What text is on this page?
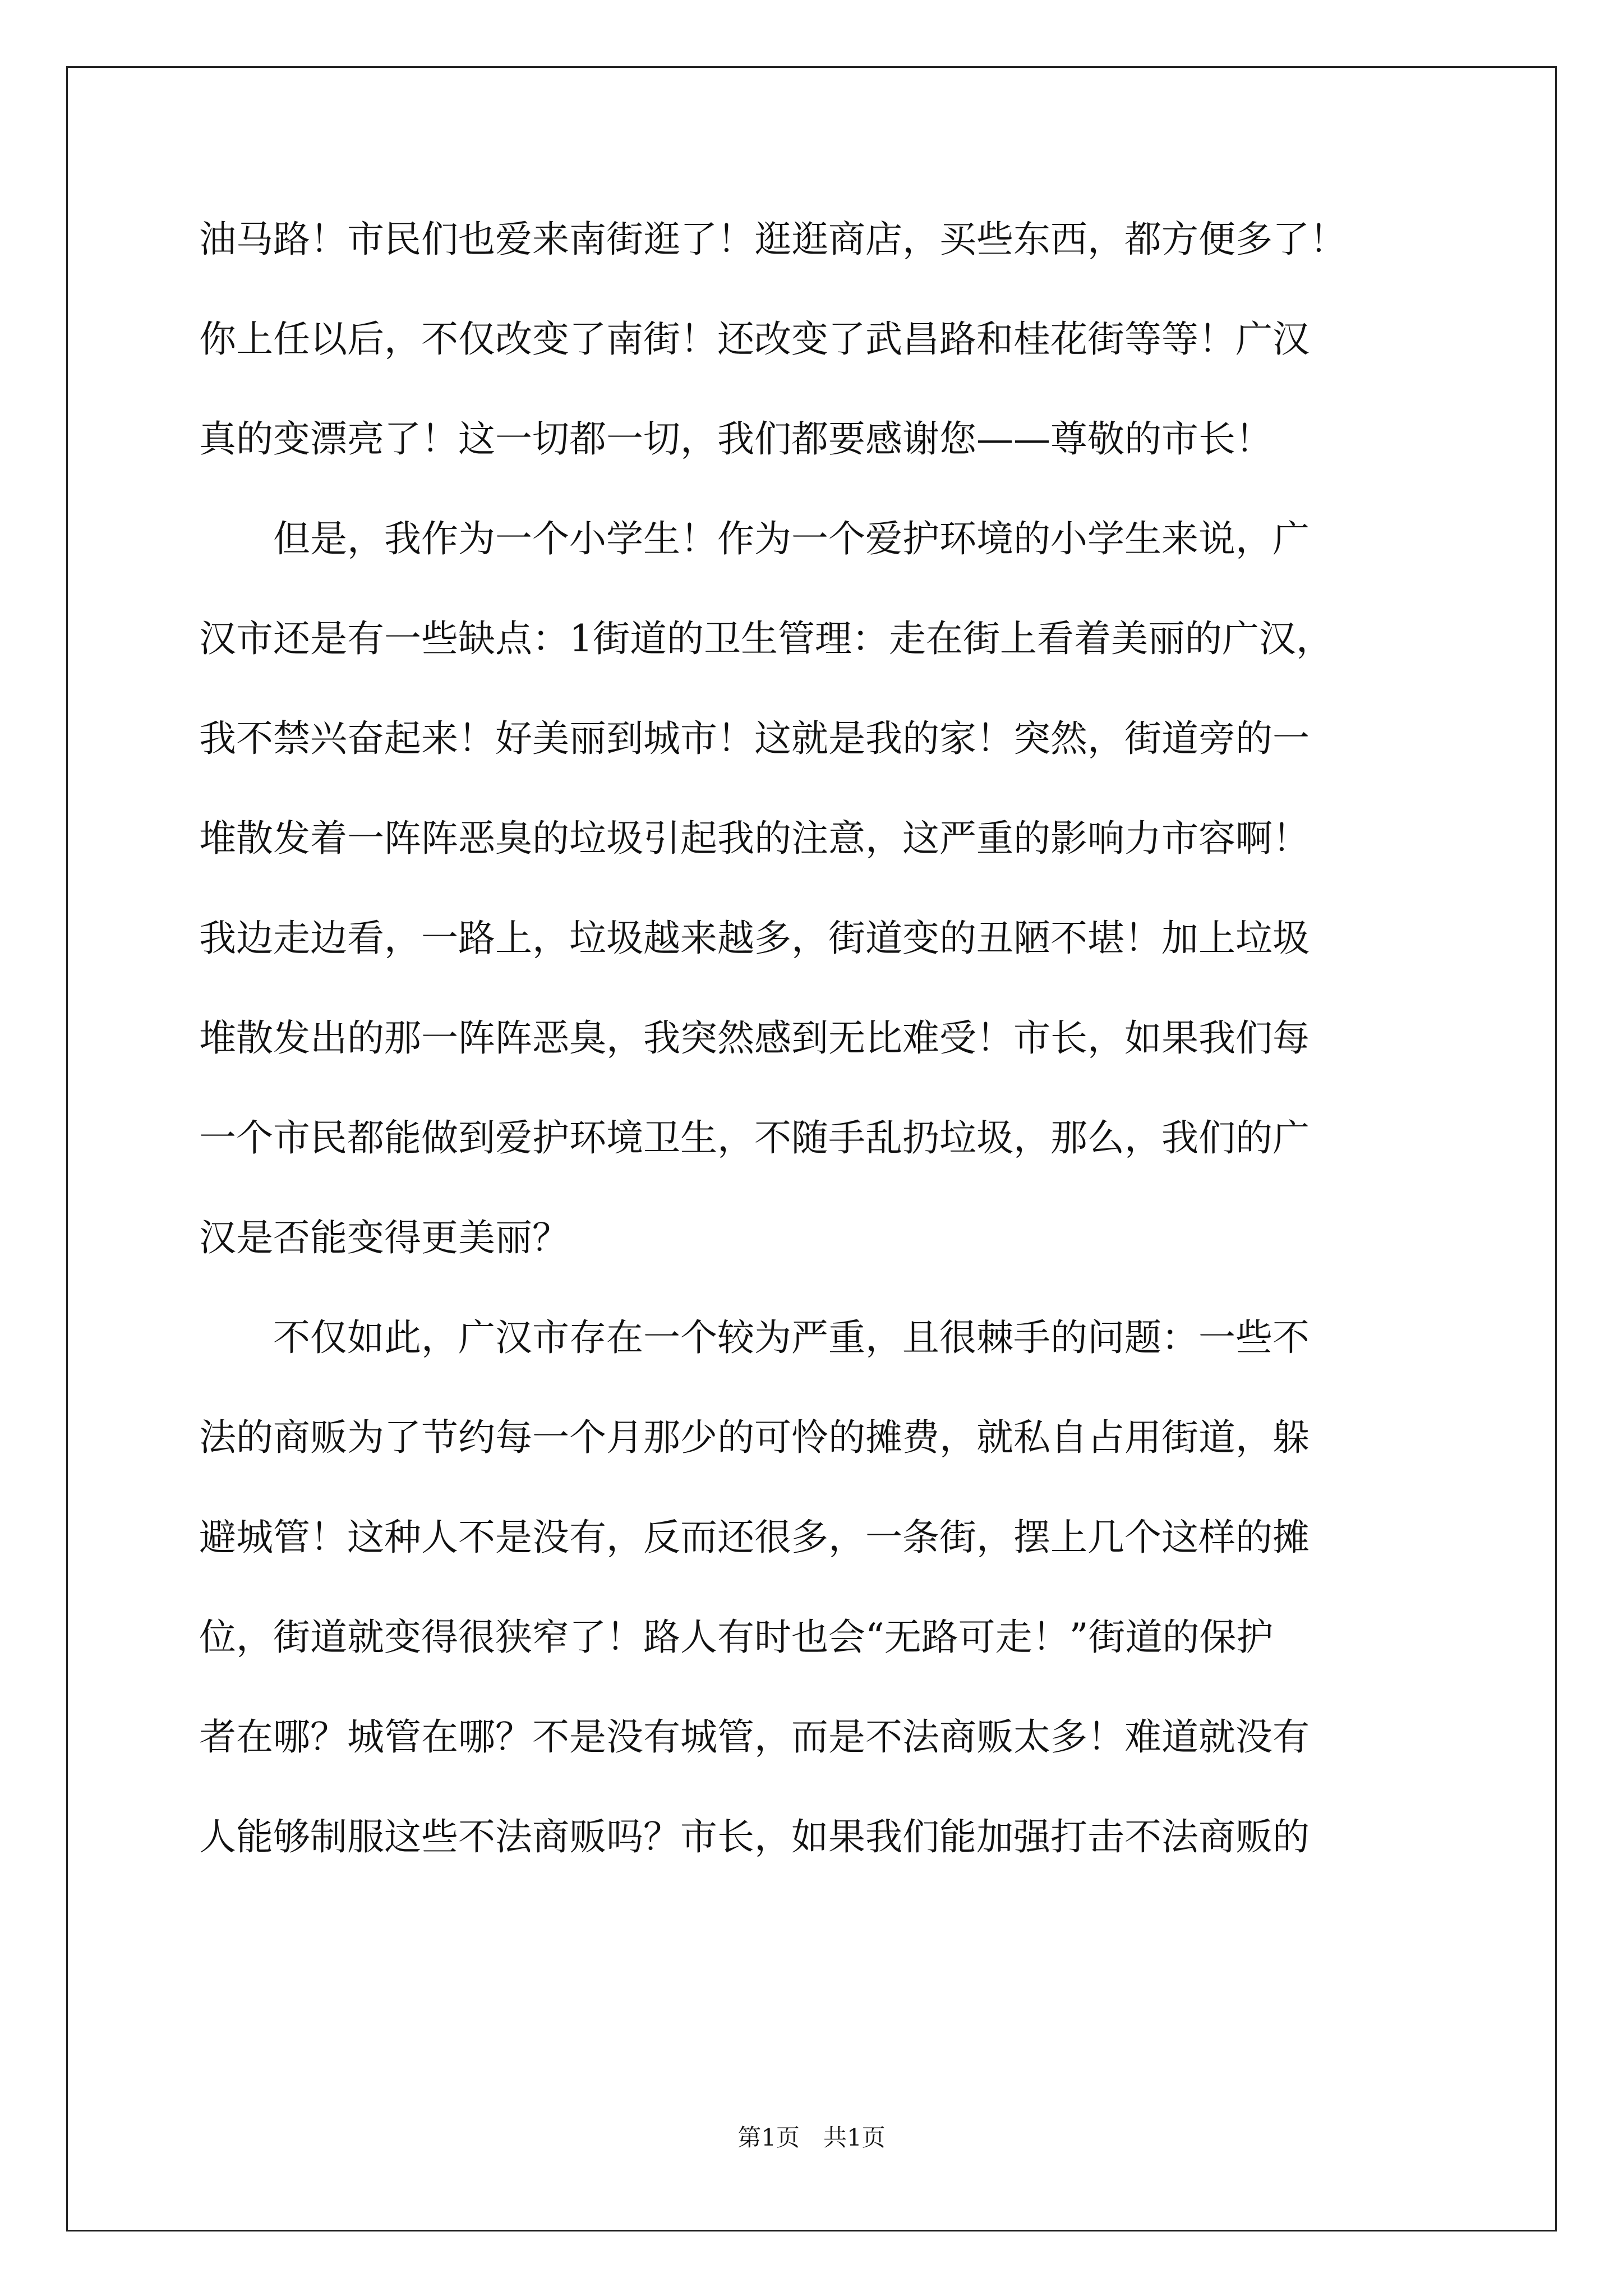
油马路！市民们也爱来南街逛了！逛逛商店，买些东西，都方便多了！
你上任以后，不仅改变了南街！还改变了武昌路和桂花街等等！广汉
真的变漂亮了！这一切都一切，我们都要感谢您——尊敬的市长！
　　但是，我作为一个小学生！作为一个爱护环境的小学生来说，广
汉市还是有一些缺点：1街道的卫生管理：走在街上看着美丽的广汉，
我不禁兴奋起来！好美丽到城市！这就是我的家！突然，街道旁的一
堆散发着一阵阵恶臭的垃圾引起我的注意，这严重的影响力市容啊！
我边走边看，一路上，垃圾越来越多，街道变的丑陋不堪！加上垃圾
堆散发出的那一阵阵恶臭，我突然感到无比难受！市长，如果我们每
一个市民都能做到爱护环境卫生，不随手乱扔垃圾，那么，我们的广
汉是否能变得更美丽？
　　不仅如此，广汉市存在一个较为严重，且很棘手的问题：一些不
法的商贩为了节约每一个月那少的可怜的摊费，就私自占用街道，躲
避城管！这种人不是没有，反而还很多，一条街，摆上几个这样的摊
位，街道就变得很狭窄了！路人有时也会“无路可走！”街道的保护
者在哪？城管在哪？不是没有城管，而是不法商贩太多！难道就没有
人能够制服这些不法商贩吗？市长，如果我们能加强打击不法商贩的
第1页　共1页
